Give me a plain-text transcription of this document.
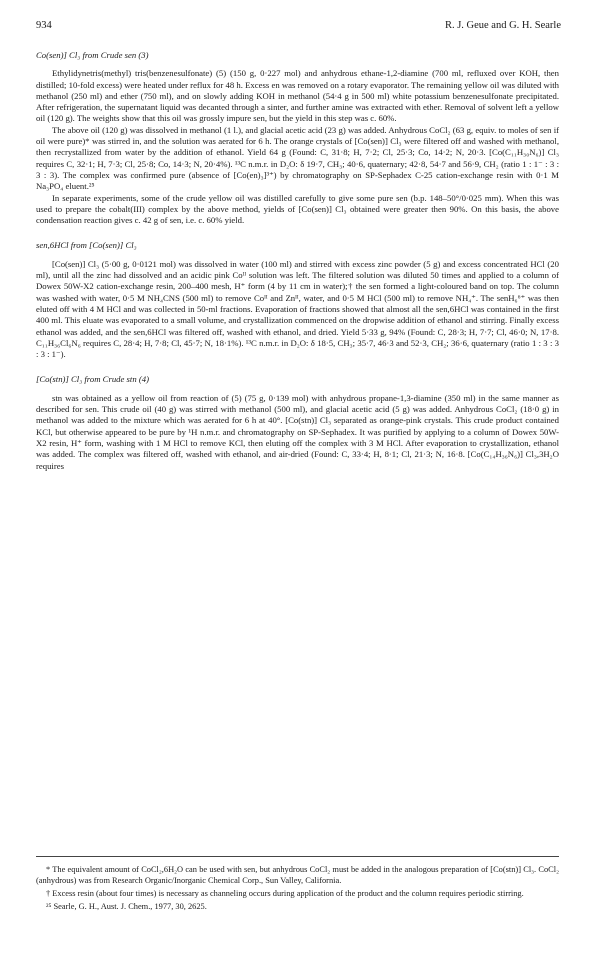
934	R. J. Geue and G. H. Searle
Co(sen)] Cl₃ from Crude sen (3)

Ethylidynetris(methyl) tris(benzenesulfonate) (5) (150 g, 0·227 mol) and anhydrous ethane-1,2-diamine (700 ml, refluxed over KOH, then distilled; 10-fold excess) were heated under reflux for 48 h. Excess en was removed on a rotary evaporator. The remaining yellow oil was diluted with methanol (250 ml) and ether (750 ml), and on slowly adding KOH in methanol (54·4 g in 500 ml) white potassium benzenesulfonate precipitated. After refrigeration, the supernatant liquid was decanted through a sinter, and further amine was extracted with ether. Removal of solvent left a yellow oil (120 g). The weights show that this oil was grossly impure sen, but the yield in this step was c. 60%.

The above oil (120 g) was dissolved in methanol (1 l.), and glacial acetic acid (23 g) was added. Anhydrous CoCl₂ (63 g, equiv. to moles of sen if oil were pure)* was stirred in, and the solution was aerated for 6 h. The orange crystals of [Co(sen)] Cl₃ were filtered off and washed with methanol, then recrystallized from water by the addition of ethanol. Yield 64 g (Found: C, 31·8; H, 7·2; Cl, 25·3; Co, 14·2; N, 20·3. [Co(C₁₁H₃₀N₆)] Cl₃ requires C, 32·1; H, 7·3; Cl, 25·8; Co, 14·3; N, 20·4%). ¹³C n.m.r. in D₂O: δ 19·7, CH₃; 40·6, quaternary; 42·8, 54·7 and 56·9, CH₂ (ratio 1 : 1⁻ : 3 : 3 : 3). The complex was confirmed pure (absence of [Co(en)₃]³⁺) by chromatography on SP-Sephadex C-25 cation-exchange resin with 0·1 M Na₃PO₄ eluent.²⁵

In separate experiments, some of the crude yellow oil was distilled carefully to give some pure sen (b.p. 148–50°/0·025 mm). When this was used to prepare the cobalt(III) complex by the above method, yields of [Co(sen)] Cl₃ obtained were greater then 90%. On this basis, the above condensation reaction gives c. 42 g of sen, i.e. c. 60% yield.

sen,6HCl from [Co(sen)] Cl₃

[Co(sen)] Cl₃ (5·00 g, 0·0121 mol) was dissolved in water (100 ml) and stirred with excess zinc powder (5 g) and excess concentrated HCl (20 ml), until all the zinc had dissolved and an acidic pink Coᴵᴵ solution was left. The filtered solution was diluted 50 times and applied to a column of Dowex 50W-X2 cation-exchange resin, 200–400 mesh, H⁺ form (4 by 11 cm in water);† the sen formed a light-coloured band on top. The column was washed with water, 0·5 M NH₄CNS (500 ml) to remove Coᴵᴵ and Znᴵᴵ, water, and 0·5 M HCl (500 ml) to remove NH₄⁺. The senH₆⁶⁺ was then eluted off with 4 M HCl and was collected in 50-ml fractions. Evaporation of fractions showed that almost all the sen,6HCl was contained in the first 400 ml. This eluate was evaporated to a small volume, and crystallization commenced on the dropwise addition of ethanol and stirring. Finally excess ethanol was added, and the sen,6HCl was filtered off, washed with ethanol, and dried. Yield 5·33 g, 94% (Found: C, 28·3; H, 7·7; Cl, 46·0; N, 17·8. C₁₁H₃₆Cl₆N₆ requires C, 28·4; H, 7·8; Cl, 45·7; N, 18·1%). ¹³C n.m.r. in D₂O: δ 18·5, CH₃; 35·7, 46·3 and 52·3, CH₂; 36·6, quaternary (ratio 1 : 3 : 3 : 3 : 1⁻).

[Co(stn)] Cl₃ from Crude stn (4)

stn was obtained as a yellow oil from reaction of (5) (75 g, 0·139 mol) with anhydrous propane-1,3-diamine (350 ml) in the same manner as described for sen. This crude oil (40 g) was stirred with methanol (500 ml), and glacial acetic acid (5 g) was added. Anhydrous CoCl₂ (18·0 g) in methanol was added to the mixture which was aerated for 6 h at 40°. [Co(stn)] Cl₃ separated as orange-pink crystals. This crude product contained KCl, but otherwise appeared to be pure by ¹H n.m.r. and chromatography on SP-Sephadex. It was purified by applying to a column of Dowex 50W-X2 resin, H⁺ form, washing with 1 M HCl to remove KCl, then eluting off the complex with 3 M HCl. After evaporation to crystallization, ethanol was added. The complex was filtered off, washed with ethanol, and air-dried (Found: C, 33·4; H, 8·1; Cl, 21·3; N, 16·8. [Co(C₁₄H₃₆N₆)] Cl₃,3H₂O requires

* The equivalent amount of CoCl₂,6H₂O can be used with sen, but anhydrous CoCl₂ must be added in the analogous preparation of [Co(stn)] Cl₃. CoCl₂ (anhydrous) was from Research Organic/Inorganic Chemical Corp., Sun Valley, California.

† Excess resin (about four times) is necessary as channeling occurs during application of the product and the column requires periodic stirring.

²⁵ Searle, G. H., Aust. J. Chem., 1977, 30, 2625.
